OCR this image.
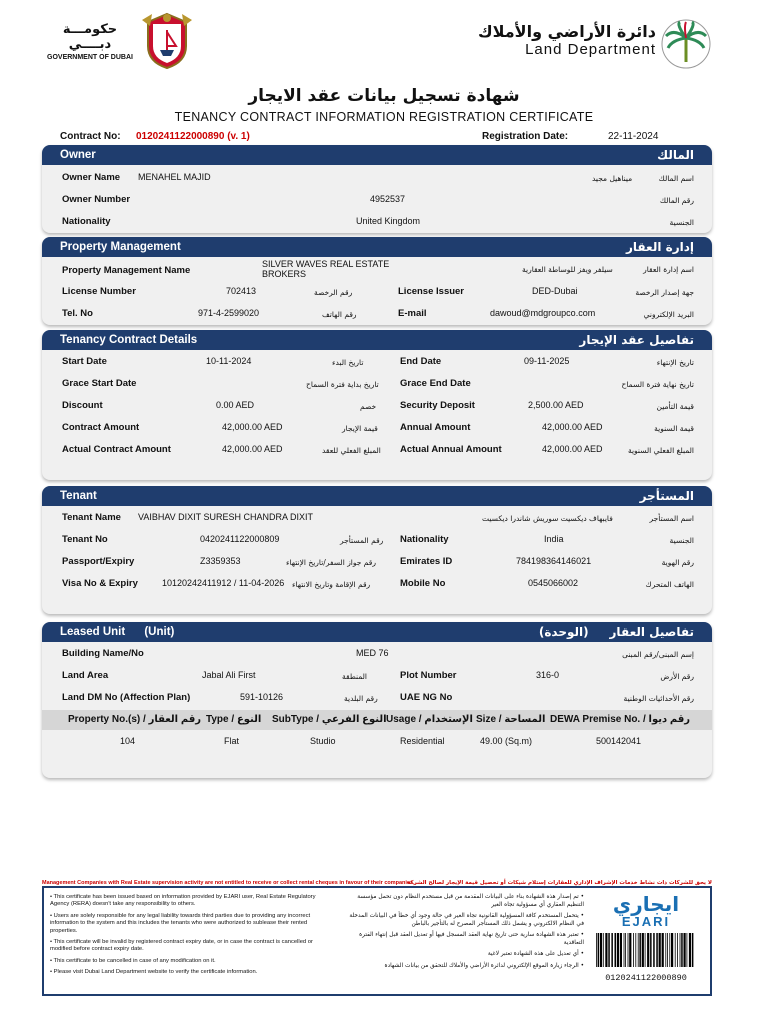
حكومـــة دبــــي
GOVERNMENT OF DUBAI
دائرة الأراضي والأملاك
Land Department
شهادة تسجيل بيانات عقد الايجار
TENANCY CONTRACT INFORMATION REGISTRATION CERTIFICATE
Contract No: 0120241122000890 (v. 1)	Registration Date:	22-11-2024
Owner	المالك
Owner Name MENAHEL MAJID	ميناهيل مجيد	اسم المالك
Owner Number	4952537	رقم المالك
Nationality	United Kingdom	الجنسية
Property Management	إدارة العقار
Property Management Name
SILVER WAVES REAL ESTATE BROKERS	سيلفر ويفز للوساطة العقارية	اسم إدارة العقار
License Number	702413	رقم الرخصة	License Issuer	DED-Dubai	جهة إصدار الرخصة
Tel. No	971-4-2599020	رقم الهاتف	E-mail	dawoud@mdgroupco.com	البريد الإلكتروني
Tenancy Contract Details	تفاصيل عقد الإيجار
Start Date	10-11-2024	تاريخ البدء	End Date	09-11-2025	تاريخ الإنتهاء
Grace Start Date	تاريخ بداية فترة السماح Grace End Date	تاريخ نهاية فترة السماح
Discount	0.00 AED	خصم	Security Deposit	2,500.00 AED	قيمة التأمين
Contract Amount	42,000.00 AED	قيمة الإيجار Annual Amount	42,000.00 AED	قيمة السنوية
Actual Contract Amount	42,000.00 AED	المبلغ الفعلي للعقد Actual Annual Amount	42,000.00 AED	المبلغ الفعلي السنوية
Tenant	المستأجر
Tenant Name VAIBHAV DIXIT SURESH CHANDRA DIXIT	فايبهاف ديكسيت سوريش شاندرا ديكسيت	اسم المستأجر
Tenant No	0420241122000809	رقم المستأجر Nationality	India	الجنسية
Passport/Expiry	Z3359353	رقم جواز السفر/تاريخ الإنتهاء	Emirates ID	784198364146021	رقم الهوية
Visa No & Expiry	10120242411912 / 11-04-2026 رقم الإقامة وتاريخ الانتهاء	Mobile No	0545066002	الهاتف المتحرك
Leased Unit      (Unit)	تفاصيل العقار     (الوحدة)
Building Name/No	MED 76	إسم المبنى/رقم المبنى
Land Area	Jabal Ali First	المنطقة	Plot Number	316-0	رقم الأرض
Land DM No (Affection Plan)	591-10126	رقم البلدية UAE NG No	رقم الأحداثيات الوطنية
Property No.(s) / رقم العقار Type / النوع SubType / النوع الفرعي Usage / الإستخدام Size / المساحة DEWA Premise No. / رقم ديوا
104	Flat	Studio	Residential	49.00 (Sq.m)	500142041
Management Companies with Real Estate supervision activity are not entitled to receive or collect rental cheques in favour of their companies.
لا يحق للشركات ذات نشاط خدمات الإشراف الإداري للعقارات إستلام شيكات أو تحصيل قيمة الإيجار لصالح الشركة

• This certificate has been issued based on information provided by EJARI user, Real Estate Regulatory Agency (RERA) doesn't take any responsibility to others.

• Users are solely responsible for any legal liability towards third parties due to providing any incorrect information to the system and this includes the tenants who were authorized to sublease their rented properties.

• This certificate will be invalid by registered contract expiry date, or in case the contract is cancelled or modified before contract expiry date.

• This certificate to be cancelled in case of any modification on it.

• Please visit Dubai Land Department website to verify the certificate information.

• تم إصدار هذه الشهادة بناء على البيانات المقدمة من قبل مستخدم النظام دون تحمل مؤسسة التنظيم العقاري أي مسؤولية تجاه الغير

• يتحمل المستخدم كافة المسؤولية القانونية تجاه الغير في حالة وجود أي خطأ في البيانات المدخلة في النظام الالكتروني و يشمل ذلك المستأجر المصرح له بالتأجير بالباطن

• تعتبر هذه الشهادة سارية حتى تاريخ نهاية العقد المسجل فيها أو تعديل العقد قبل إنتهاء الفترة التعاقدية

• أي تعديل على هذه الشهادة تعتبر لاغية

• الرجاء زيارة الموقع الإلكتروني لدائرة الأراضي والأملاك للتحقق من بيانات الشهادة

ايجاري
EJARI
0120241122000890
